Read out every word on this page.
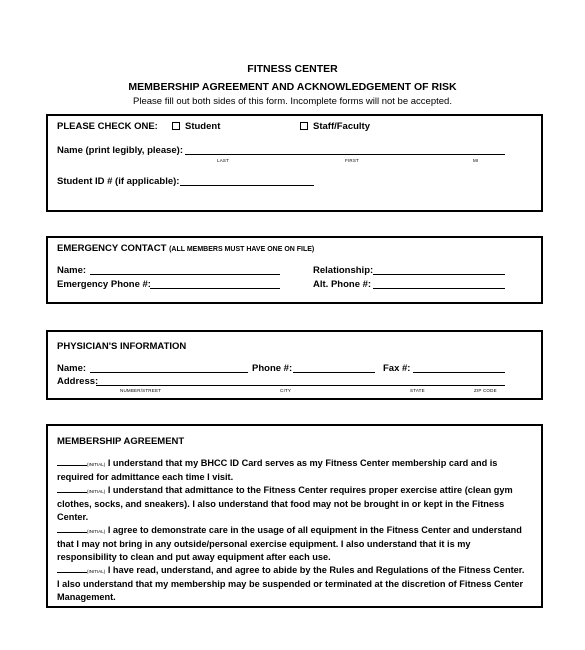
FITNESS CENTER
MEMBERSHIP AGREEMENT AND ACKNOWLEDGEMENT OF RISK
Please fill out both sides of this form. Incomplete forms will not be accepted.
PLEASE CHECK ONE:	Student	Staff/Faculty
Name (print legibly, please):
LAST	FIRST	MI
Student ID # (if applicable):
EMERGENCY CONTACT (ALL MEMBERS MUST HAVE ONE ON FILE)
Name:	Relationship:
Emergency Phone #:	Alt. Phone #:
PHYSICIAN'S INFORMATION
Name:	Phone #:	Fax #:
Address:
NUMBER/STREET	CITY	STATE	ZIP CODE
MEMBERSHIP AGREEMENT

(INITIAL) I understand that my BHCC ID Card serves as my Fitness Center membership card and is required for admittance each time I visit.

(INITIAL) I understand that admittance to the Fitness Center requires proper exercise attire (clean gym clothes, socks, and sneakers). I also understand that food may not be brought in or kept in the Fitness Center.

(INITIAL) I agree to demonstrate care in the usage of all equipment in the Fitness Center and understand that I may not bring in any outside/personal exercise equipment. I also understand that it is my responsibility to clean and put away equipment after each use.

(INITIAL) I have read, understand, and agree to abide by the Rules and Regulations of the Fitness Center. I also understand that my membership may be suspended or terminated at the discretion of Fitness Center Management.
